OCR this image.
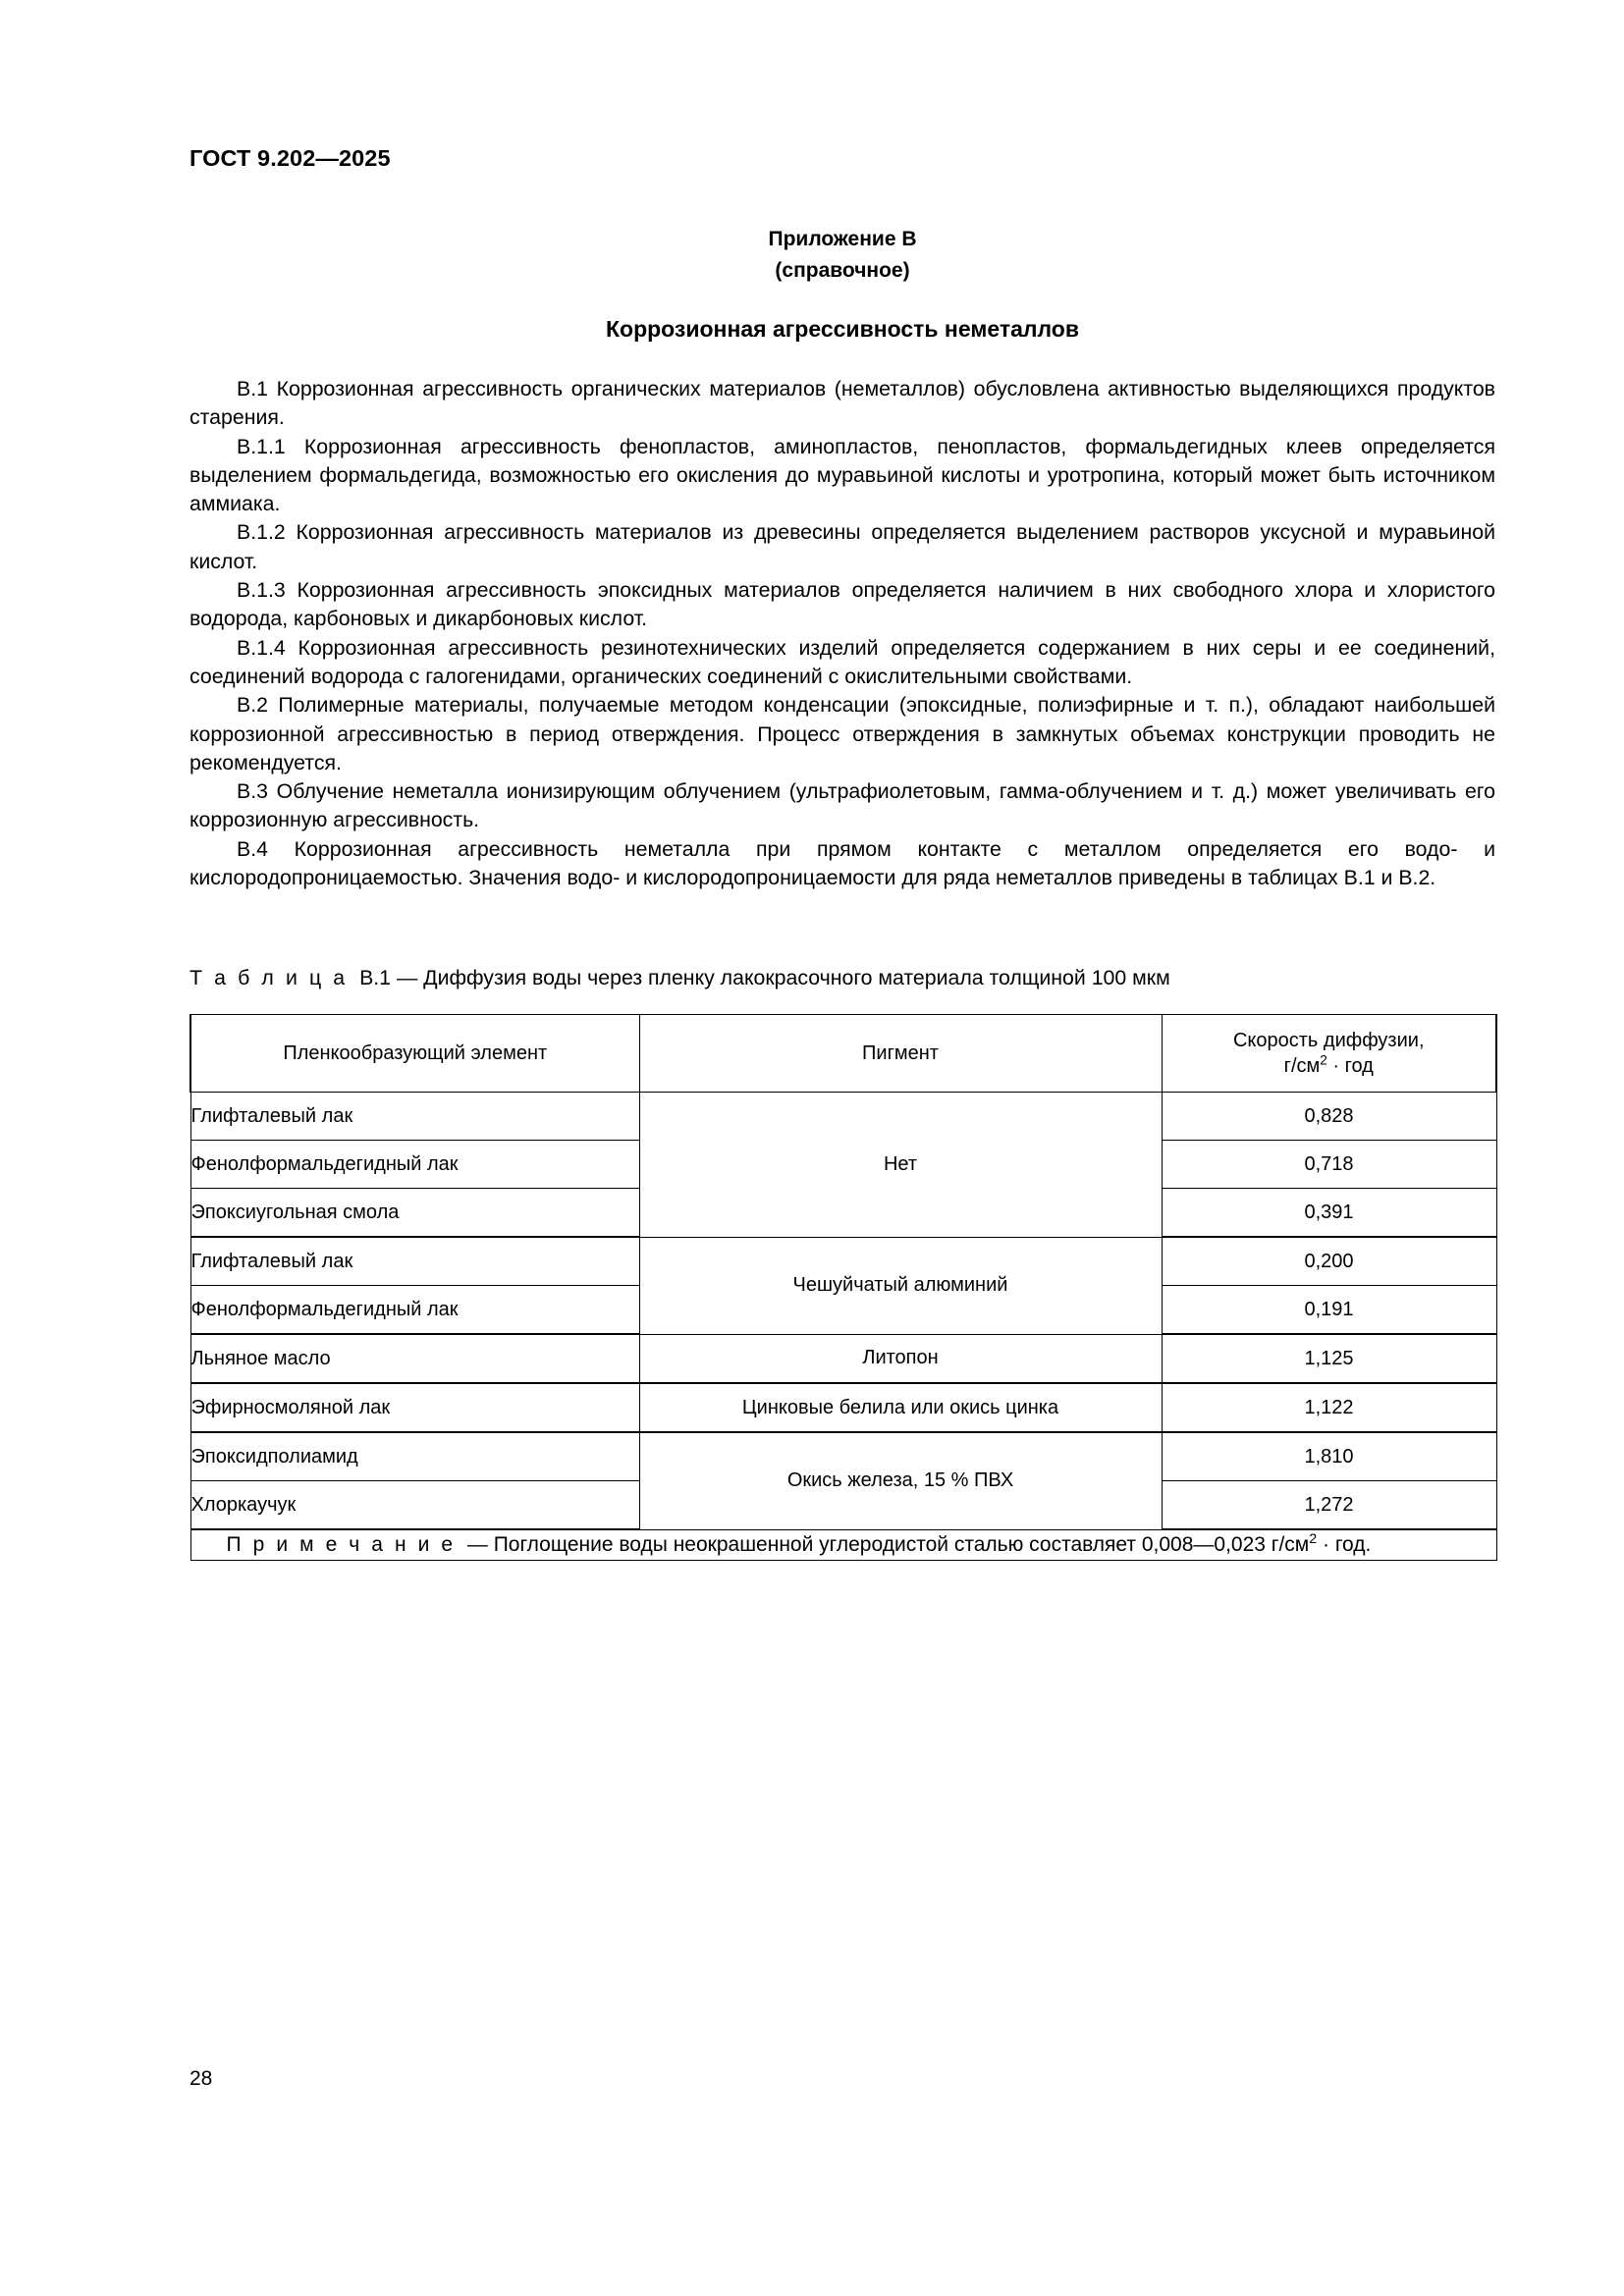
ГОСТ 9.202—2025
Приложение В
(справочное)
Коррозионная агрессивность неметаллов

В.1 Коррозионная агрессивность органических материалов (неметаллов) обусловлена активностью выделяющихся продуктов старения.

В.1.1 Коррозионная агрессивность фенопластов, аминопластов, пенопластов, формальдегидных клеев определяется выделением формальдегида, возможностью его окисления до муравьиной кислоты и уротропина, который может быть источником аммиака.

В.1.2 Коррозионная агрессивность материалов из древесины определяется выделением растворов уксусной и муравьиной кислот.

В.1.3 Коррозионная агрессивность эпоксидных материалов определяется наличием в них свободного хлора и хлористого водорода, карбоновых и дикарбоновых кислот.

В.1.4 Коррозионная агрессивность резинотехнических изделий определяется содержанием в них серы и ее соединений, соединений водорода с галогенидами, органических соединений с окислительными свойствами.

В.2 Полимерные материалы, получаемые методом конденсации (эпоксидные, полиэфирные и т. п.), обладают наибольшей коррозионной агрессивностью в период отверждения. Процесс отверждения в замкнутых объемах конструкции проводить не рекомендуется.

В.3 Облучение неметалла ионизирующим облучением (ультрафиолетовым, гамма-облучением и т. д.) может увеличивать его коррозионную агрессивность.

В.4 Коррозионная агрессивность неметалла при прямом контакте с металлом определяется его водо- и кислородопроницаемостью. Значения водо- и кислородопроницаемости для ряда неметаллов приведены в таблицах В.1 и В.2.

Т а б л и ц а В.1 — Диффузия воды через пленку лакокрасочного материала толщиной 100 мкм
Пленкообразующий элемент	Пигмент	Скорость диффузии,
$г/см^2$ · год
Глифталевый лак	Нет	0,828
Фенолформальдегидный лак		0,718
Эпоксиугольная смола		0,391
Глифталевый лак	Чешуйчатый алюминий	0,200
Фенолформальдегидный лак		0,191
Льняное масло	Литопон	1,125
Эфирносмоляной лак	Цинковые белила или окись цинка	1,122
Эпоксидполиамид	Окись железа, 15 % ПВХ	1,810
Хлоркаучук		1,272
П р и м е ч а н и е — Поглощение воды неокрашенной углеродистой сталью составляет 0,008—0,023 $г/см^2$ · год.		
28
